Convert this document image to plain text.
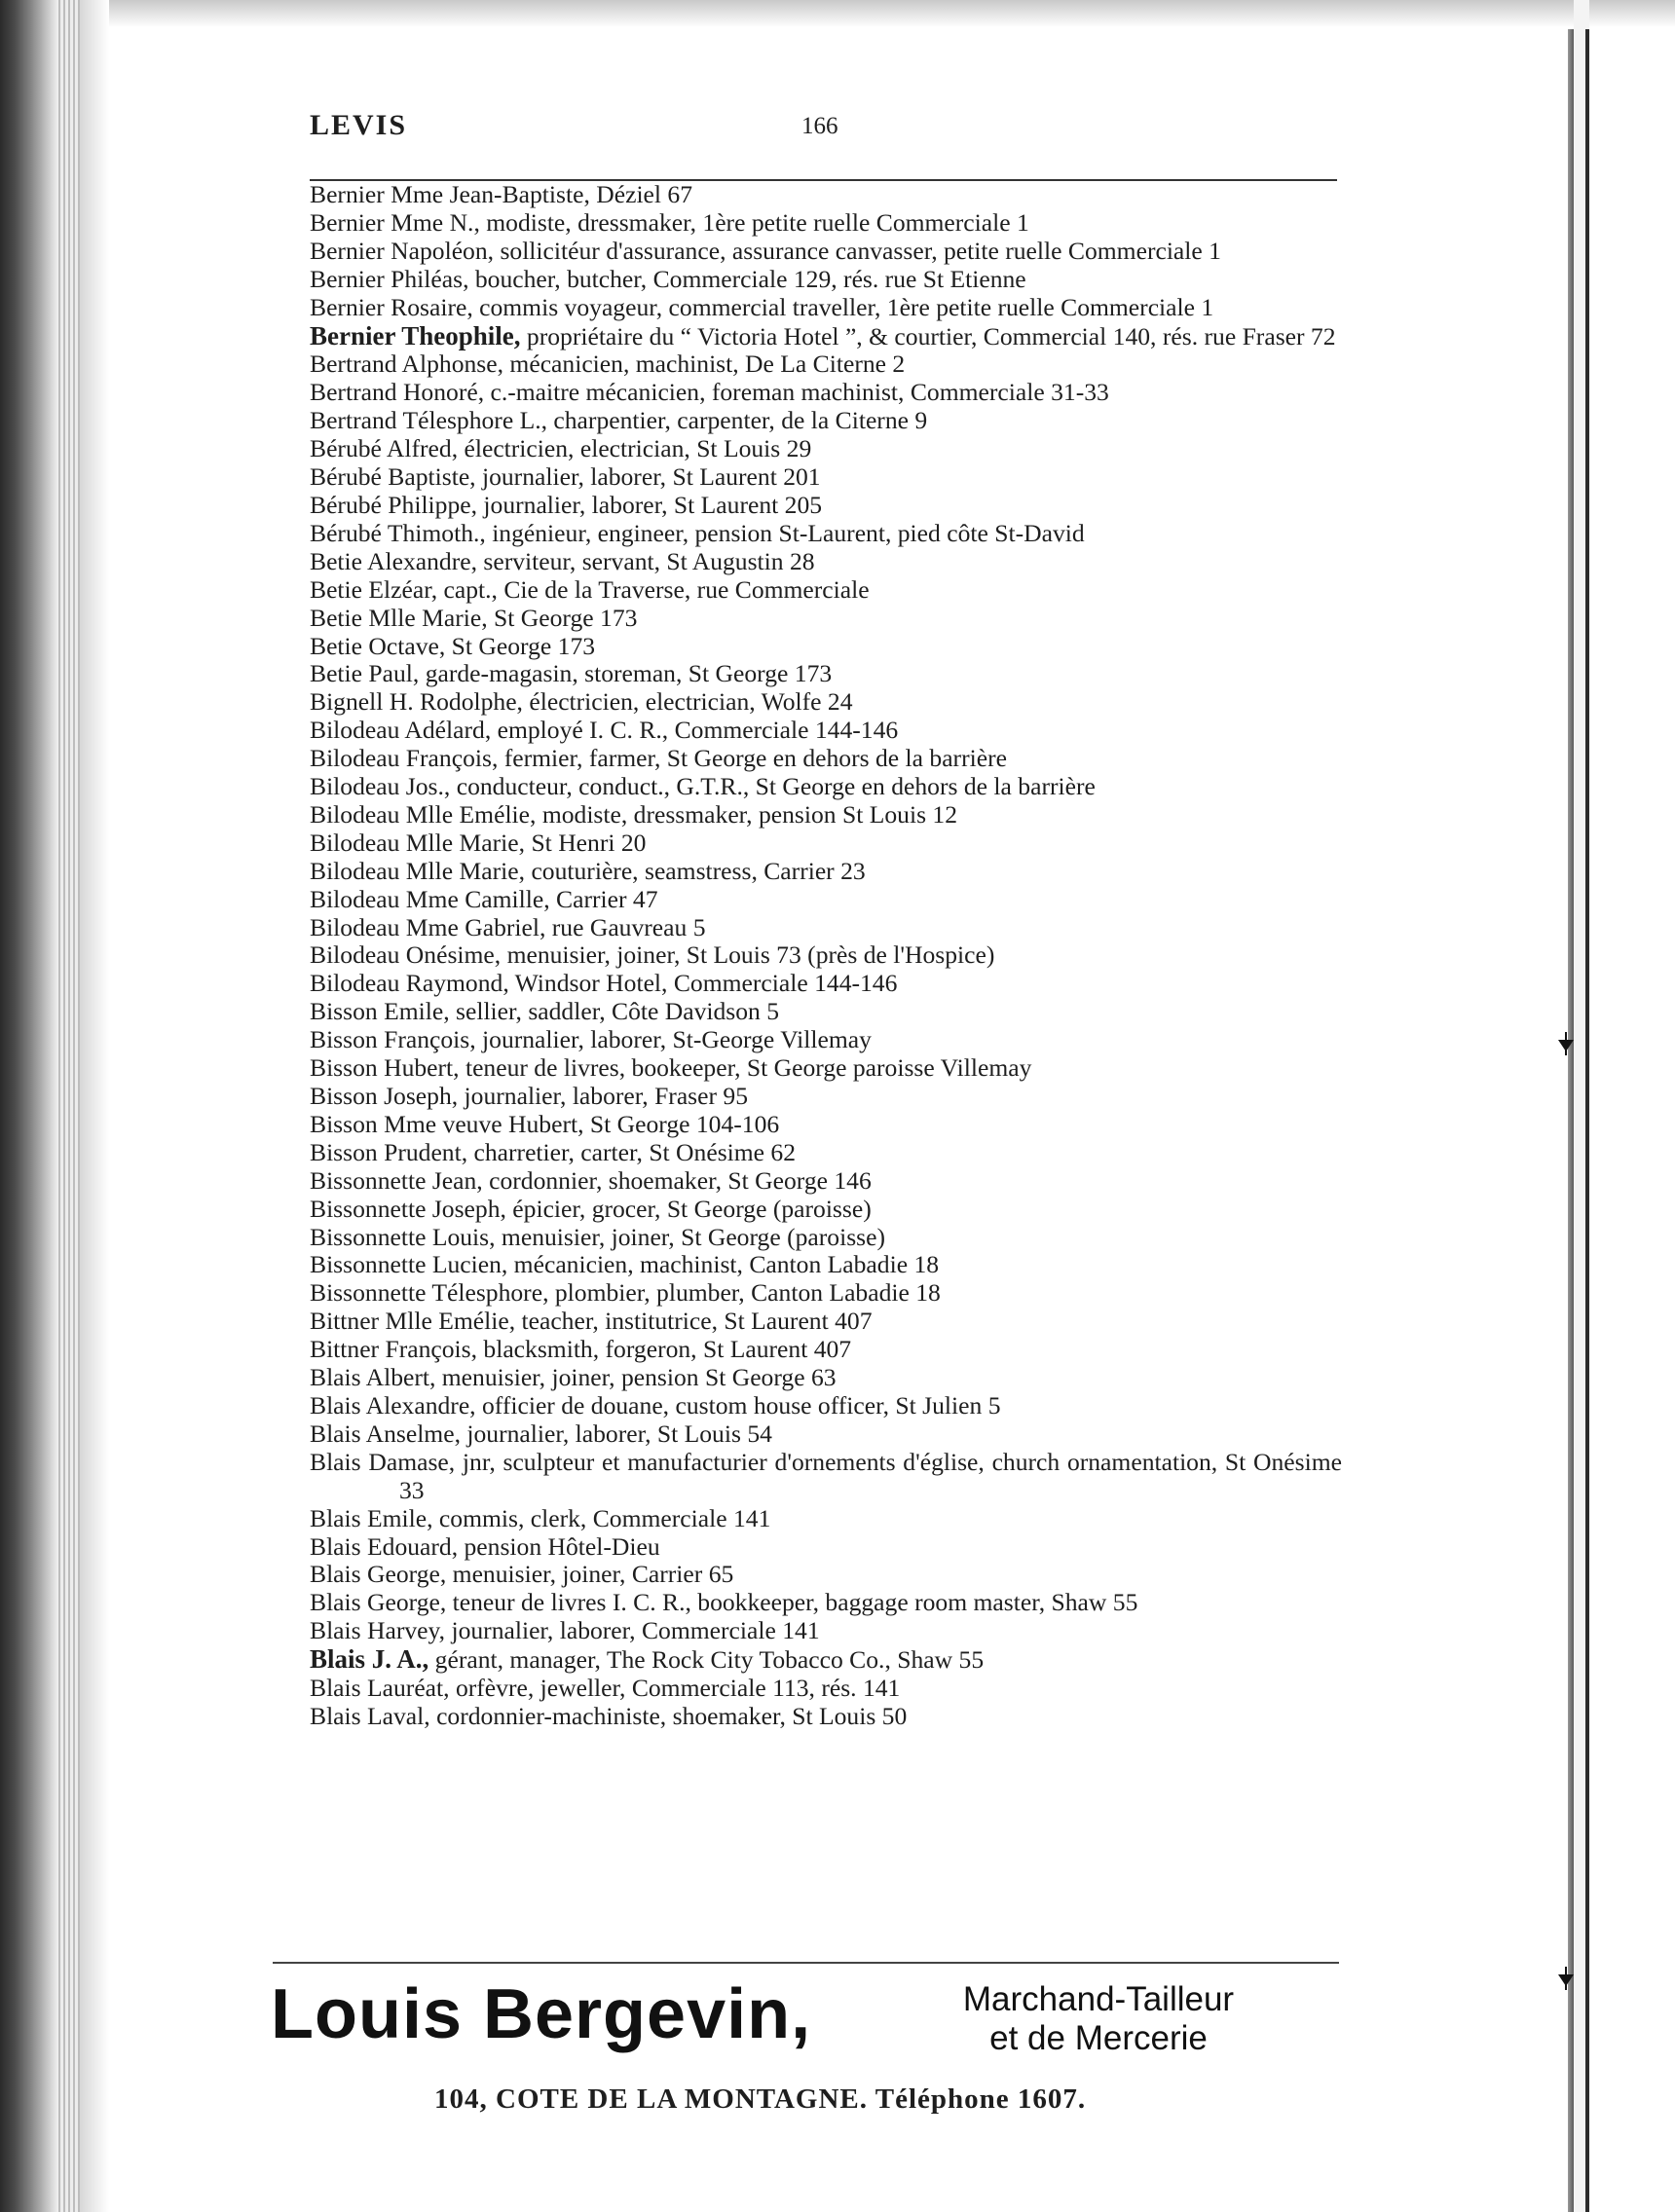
LEVIS	166
Bernier Mme Jean-Baptiste, Déziel 67
Bernier Mme N., modiste, dressmaker, 1ère petite ruelle Commerciale 1
Bernier Napoléon, sollicitéur d'assurance, assurance canvasser, petite ruelle Commerciale 1
Bernier Philéas, boucher, butcher, Commerciale 129, rés. rue St Etienne
Bernier Rosaire, commis voyageur, commercial traveller, 1ère petite ruelle Commerciale 1
Bernier Theophile, propriétaire du “ Victoria Hotel ”, & courtier, Commercial 140, rés. rue Fraser 72
Bertrand Alphonse, mécanicien, machinist, De La Citerne 2
Bertrand Honoré, c.-maitre mécanicien, foreman machinist, Commerciale 31-33
Bertrand Télesphore L., charpentier, carpenter, de la Citerne 9
Bérubé Alfred, électricien, electrician, St Louis 29
Bérubé Baptiste, journalier, laborer, St Laurent 201
Bérubé Philippe, journalier, laborer, St Laurent 205
Bérubé Thimoth., ingénieur, engineer, pension St-Laurent, pied côte St-David
Betie Alexandre, serviteur, servant, St Augustin 28
Betie Elzéar, capt., Cie de la Traverse, rue Commerciale
Betie Mlle Marie, St George 173
Betie Octave, St George 173
Betie Paul, garde-magasin, storeman, St George 173
Bignell H. Rodolphe, électricien, electrician, Wolfe 24
Bilodeau Adélard, employé I. C. R., Commerciale 144-146
Bilodeau François, fermier, farmer, St George en dehors de la barrière
Bilodeau Jos., conducteur, conduct., G.T.R., St George en dehors de la barrière
Bilodeau Mlle Emélie, modiste, dressmaker, pension St Louis 12
Bilodeau Mlle Marie, St Henri 20
Bilodeau Mlle Marie, couturière, seamstress, Carrier 23
Bilodeau Mme Camille, Carrier 47
Bilodeau Mme Gabriel, rue Gauvreau 5
Bilodeau Onésime, menuisier, joiner, St Louis 73 (près de l'Hospice)
Bilodeau Raymond, Windsor Hotel, Commerciale 144-146
Bisson Emile, sellier, saddler, Côte Davidson 5
Bisson François, journalier, laborer, St-George Villemay
Bisson Hubert, teneur de livres, bookeeper, St George paroisse Villemay
Bisson Joseph, journalier, laborer, Fraser 95
Bisson Mme veuve Hubert, St George 104-106
Bisson Prudent, charretier, carter, St Onésime 62
Bissonnette Jean, cordonnier, shoemaker, St George 146
Bissonnette Joseph, épicier, grocer, St George (paroisse)
Bissonnette Louis, menuisier, joiner, St George (paroisse)
Bissonnette Lucien, mécanicien, machinist, Canton Labadie 18
Bissonnette Télesphore, plombier, plumber, Canton Labadie 18
Bittner Mlle Emélie, teacher, institutrice, St Laurent 407
Bittner François, blacksmith, forgeron, St Laurent 407
Blais Albert, menuisier, joiner, pension St George 63
Blais Alexandre, officier de douane, custom house officer, St Julien 5
Blais Anselme, journalier, laborer, St Louis 54
Blais Damase, jnr, sculpteur et manufacturier d'ornements d'église, church ornamentation, St Onésime 33
Blais Emile, commis, clerk, Commerciale 141
Blais Edouard, pension Hôtel-Dieu
Blais George, menuisier, joiner, Carrier 65
Blais George, teneur de livres I. C. R., bookkeeper, baggage room master, Shaw 55
Blais Harvey, journalier, laborer, Commerciale 141
Blais J. A., gérant, manager, The Rock City Tobacco Co., Shaw 55
Blais Lauréat, orfèvre, jeweller, Commerciale 113, rés. 141
Blais Laval, cordonnier-machiniste, shoemaker, St Louis 50
Louis Bergevin,	Marchand-Tailleur
et de Mercerie
104, COTE DE LA MONTAGNE. Téléphone 1607.
